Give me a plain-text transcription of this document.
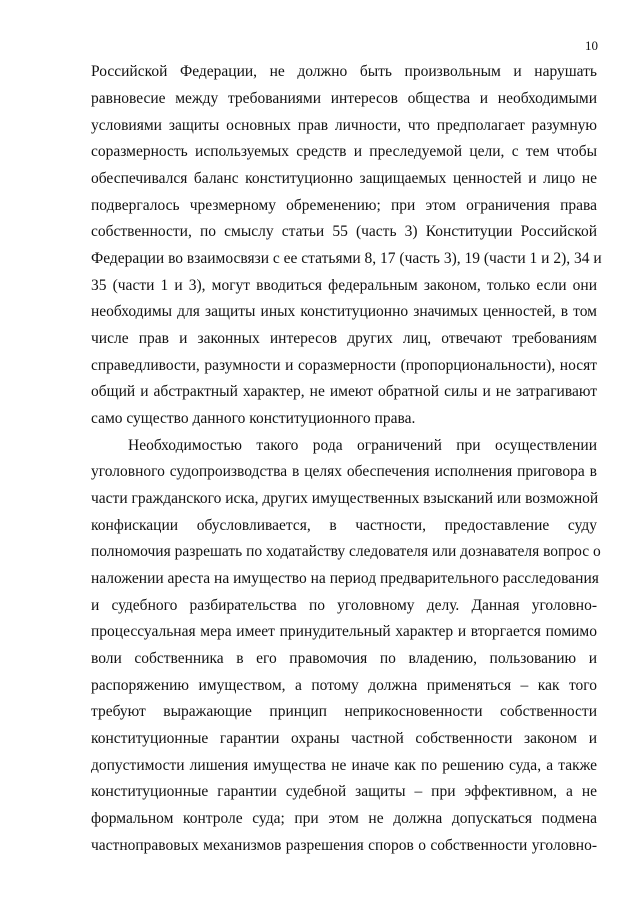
10
Российской Федерации, не должно быть произвольным и нарушать
равновесие между требованиями интересов общества и необходимыми
условиями защиты основных прав личности, что предполагает разумную
соразмерность используемых средств и преследуемой цели, с тем чтобы
обеспечивался баланс конституционно защищаемых ценностей и лицо не
подвергалось чрезмерному обременению; при этом ограничения права
собственности, по смыслу статьи 55 (часть 3) Конституции Российской
Федерации во взаимосвязи с ее статьями 8, 17 (часть 3), 19 (части 1 и 2), 34 и
35 (части 1 и 3), могут вводиться федеральным законом, только если они
необходимы для защиты иных конституционно значимых ценностей, в том
числе прав и законных интересов других лиц, отвечают требованиям
справедливости, разумности и соразмерности (пропорциональности), носят
общий и абстрактный характер, не имеют обратной силы и не затрагивают
само существо данного конституционного права.
Необходимостью такого рода ограничений при осуществлении
уголовного судопроизводства в целях обеспечения исполнения приговора в
части гражданского иска, других имущественных взысканий или возможной
конфискации обусловливается, в частности, предоставление суду
полномочия разрешать по ходатайству следователя или дознавателя вопрос о
наложении ареста на имущество на период предварительного расследования
и судебного разбирательства по уголовному делу. Данная уголовно-
процессуальная мера имеет принудительный характер и вторгается помимо
воли собственника в его правомочия по владению, пользованию и
распоряжению имуществом, а потому должна применяться – как того
требуют выражающие принцип неприкосновенности собственности
конституционные гарантии охраны частной собственности законом и
допустимости лишения имущества не иначе как по решению суда, а также
конституционные гарантии судебной защиты – при эффективном, а не
формальном контроле суда; при этом не должна допускаться подмена
частноправовых механизмов разрешения споров о собственности уголовно-
